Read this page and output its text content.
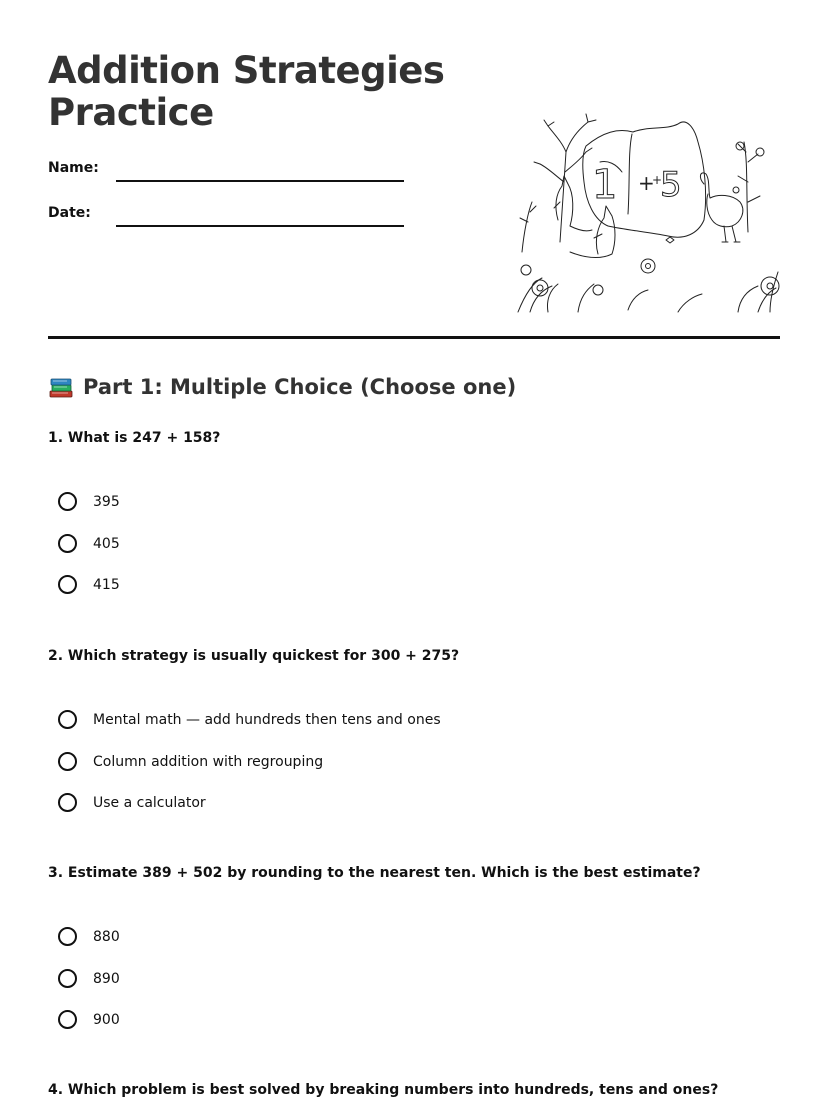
Addition Strategies
Practice
Name:
Date:
1 +
+
5
Part 1: Multiple Choice (Choose one)

1. What is 247 + 158?

395
405
415

2. Which strategy is usually quickest for 300 + 275?

Mental math — add hundreds then tens and ones
Column addition with regrouping
Use a calculator

3. Estimate 389 + 502 by rounding to the nearest ten. Which is the best estimate?

880
890
900

4. Which problem is best solved by breaking numbers into hundreds, tens and ones?
